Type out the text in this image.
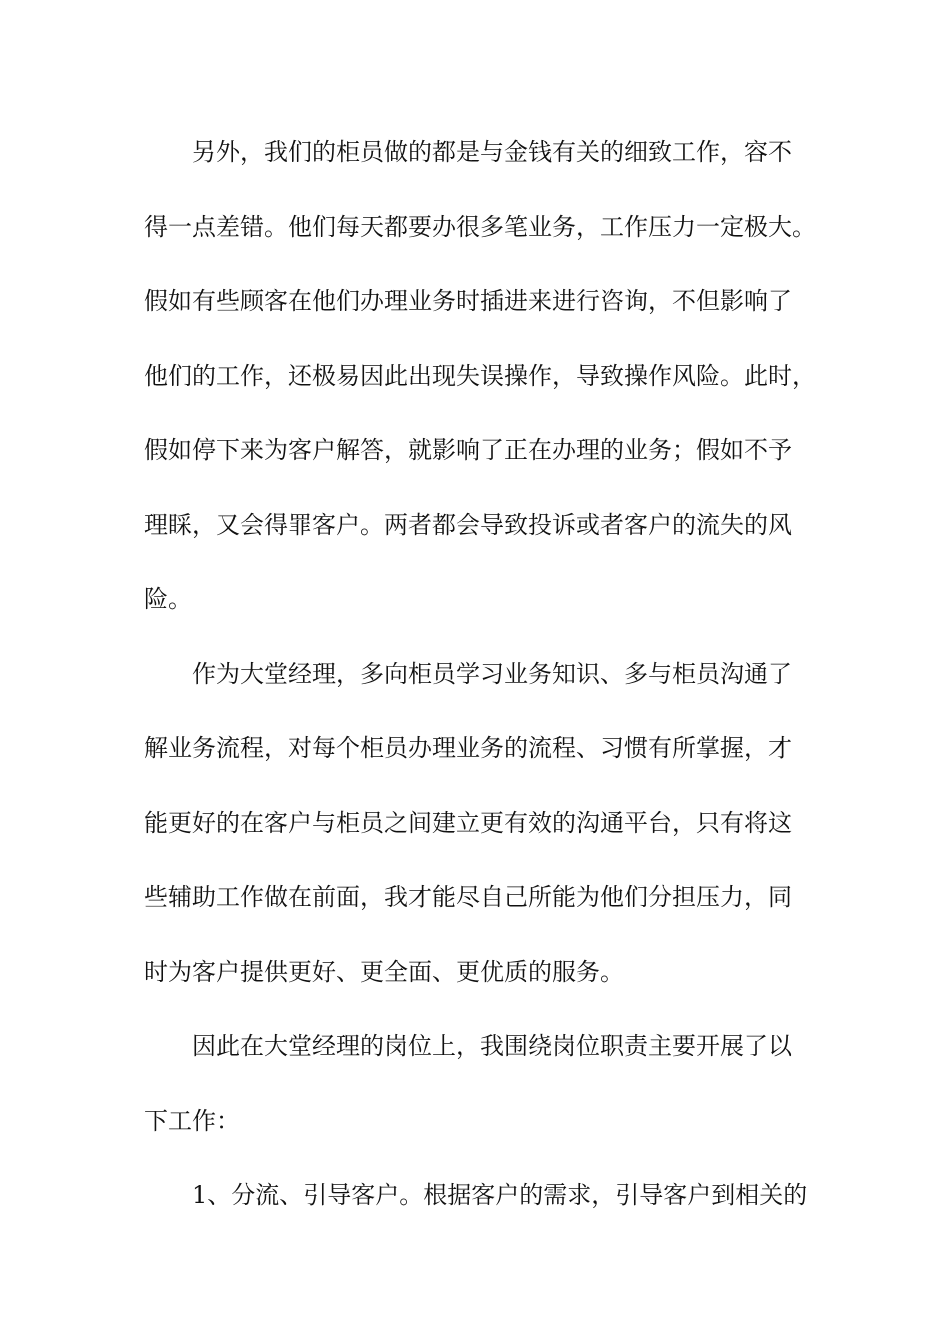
另外，我们的柜员做的都是与金钱有关的细致工作，容不
得一点差错。他们每天都要办很多笔业务，工作压力一定极大。
假如有些顾客在他们办理业务时插进来进行咨询，不但影响了
他们的工作，还极易因此出现失误操作，导致操作风险。此时，
假如停下来为客户解答，就影响了正在办理的业务；假如不予
理睬，又会得罪客户。两者都会导致投诉或者客户的流失的风
险。
作为大堂经理，多向柜员学习业务知识、多与柜员沟通了
解业务流程，对每个柜员办理业务的流程、习惯有所掌握，才
能更好的在客户与柜员之间建立更有效的沟通平台，只有将这
些辅助工作做在前面，我才能尽自己所能为他们分担压力，同
时为客户提供更好、更全面、更优质的服务。
因此在大堂经理的岗位上，我围绕岗位职责主要开展了以
下工作：
1、分流、引导客户。根据客户的需求，引导客户到相关的
